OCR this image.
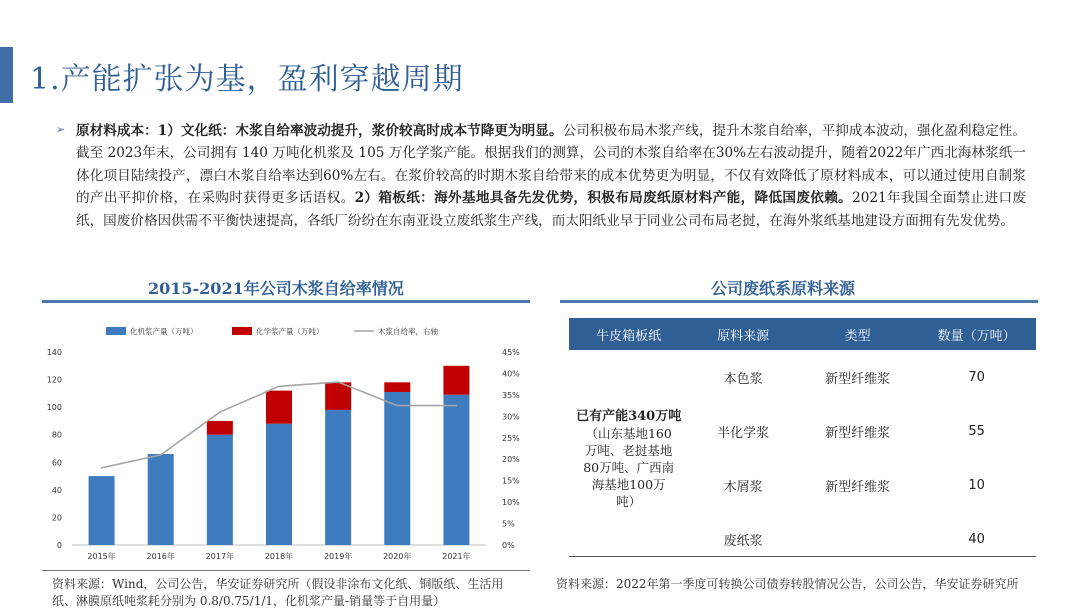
1.产能扩张为基，盈利穿越周期
➢ 原材料成本：1）文化纸：木浆自给率波动提升，浆价较高时成本节降更为明显。公司积极布局木浆产线，提升木浆自给率，平抑成本波动，强化盈利稳定性。截至 2023年末，公司拥有 140 万吨化机浆及 105 万化学浆产能。根据我们的测算，公司的木浆自给率在30%左右波动提升，随着2022年广西北海林浆纸一体化项目陆续投产，漂白木浆自给率达到60%左右。在浆价较高的时期木浆自给带来的成本优势更为明显，不仅有效降低了原材料成本，可以通过使用自制浆的产出平抑价格，在采购时获得更多话语权。2）箱板纸：海外基地具备先发优势，积极布局废纸原材料产能，降低国废依赖。2021年我国全面禁止进口废纸，国废价格因供需不平衡快速提高，各纸厂纷纷在东南亚设立废纸浆生产线，而太阳纸业早于同业公司布局老挝，在海外浆纸基地建设方面拥有先发优势。
2015-2021年公司木浆自给率情况
化机浆产量（万吨）	化学浆产量（万吨）	木浆自给率，右轴
0
20
40
60
80
100
120
140
0%
5%
10%
15%
20%
25%
30%
35%
40%
45%
2015年	2016年	2017年	2018年	2019年	2020年	2021年
资料来源：Wind，公司公告，华安证券研究所（假设非涂布文化纸、铜版纸、生活用纸、淋膜原纸吨浆耗分别为 0.8/0.75/1/1，化机浆产量-销量等于自用量）
公司废纸系原料来源
牛皮箱板纸	原料来源	类型	数量（万吨）
已有产能340万吨
（山东基地160万吨、老挝基地80万吨、广西南海基地100万吨）	本色浆	新型纤维浆	70
	半化学浆	新型纤维浆	55
	木屑浆	新型纤维浆	10
	废纸浆		40
资料来源：2022年第一季度可转换公司债券转股情况公告，公司公告，华安证券研究所
